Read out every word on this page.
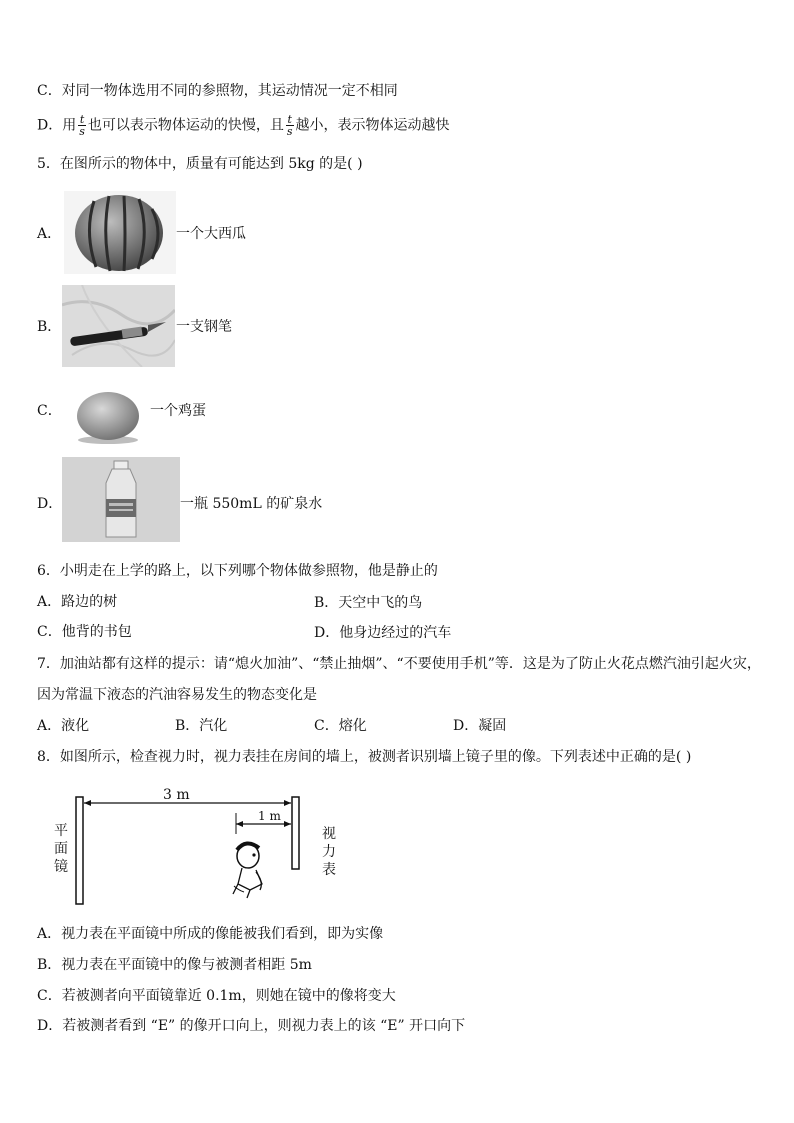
C．对同一物体选用不同的参照物，其运动情况一定不相同
D．用 $\frac{t}{s}$ 也可以表示物体运动的快慢，且 $\frac{t}{s}$ 越小，表示物体运动越快
5．在图所示的物体中，质量有可能达到 5kg 的是( )
A．	一个大西瓜
B．	一支钢笔
C．	一个鸡蛋
D．	一瓶 550mL 的矿泉水
6．小明走在上学的路上，以下列哪个物体做参照物，他是静止的
A．路边的树	B．天空中飞的鸟
C．他背的书包	D．他身边经过的汽车
7．加油站都有这样的提示：请“熄火加油”、“禁止抽烟”、“不要使用手机”等．这是为了防止火花点燃汽油引起火灾，
因为常温下液态的汽油容易发生的物态变化是
A．液化	B．汽化	C．熔化	D．凝固
8．如图所示，检查视力时，视力表挂在房间的墙上，被测者识别墙上镜子里的像。下列表述中正确的是( )
3 m
1 m
平
面
镜
视
力
表
A．视力表在平面镜中所成的像能被我们看到，即为实像
B．视力表在平面镜中的像与被测者相距 5m
C．若被测者向平面镜靠近 0.1m，则她在镜中的像将变大
D．若被测者看到 “E” 的像开口向上，则视力表上的该 “E” 开口向下
